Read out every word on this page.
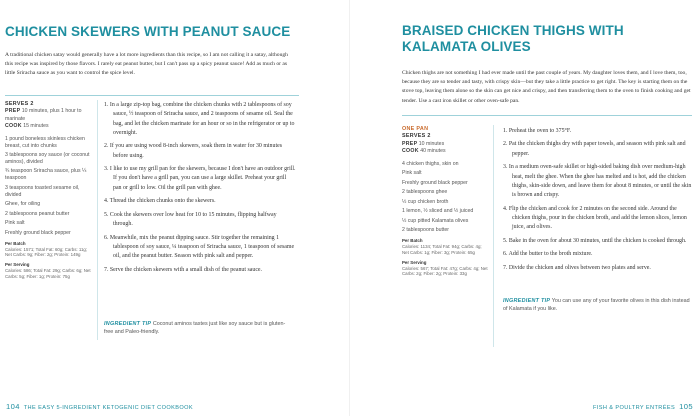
CHICKEN SKEWERS WITH PEANUT SAUCE

A traditional chicken satay would generally have a lot more ingredients than this recipe, so I am not calling it a satay, although this recipe was inspired by those flavors. I rarely eat peanut butter, but I can't pass up a spicy peanut sauce! Add as much or as little Sriracha sauce as you want to control the spice level.

SERVES 2
PREP 10 minutes, plus 1 hour to marinate
COOK 15 minutes
1 pound boneless skinless chicken breast, cut into chunks
3 tablespoons soy sauce (or coconut aminos), divided
¾ teaspoon Sriracha sauce, plus ¼ teaspoon
3 teaspoons toasted sesame oil, divided
Ghee, for oiling
2 tablespoons peanut butter
Pink salt
Freshly ground black pepper
Per Batch
Calories: 1571; Total Fat: 60g; Carbs: 11g; Net Carbs: 9g; Fiber: 2g; Protein: 149g
Per Serving
Calories: 586; Total Fat: 29g; Carbs: 6g; Net Carbs: 5g; Fiber: 1g; Protein: 75g

1. In a large zip-top bag, combine the chicken chunks with 2 tablespoons of soy sauce, ½ teaspoon of Sriracha sauce, and 2 teaspoons of sesame oil. Seal the bag, and let the chicken marinate for an hour or so in the refrigerator or up to overnight.

2. If you are using wood 8-inch skewers, soak them in water for 30 minutes before using.

3. I like to use my grill pan for the skewers, because I don't have an outdoor grill. If you don't have a grill pan, you can use a large skillet. Preheat your grill pan or grill to low. Oil the grill pan with ghee.

4. Thread the chicken chunks onto the skewers.

5. Cook the skewers over low heat for 10 to 15 minutes, flipping halfway through.

6. Meanwhile, mix the peanut dipping sauce. Stir together the remaining 1 tablespoon of soy sauce, ¼ teaspoon of Sriracha sauce, 1 teaspoon of sesame oil, and the peanut butter. Season with pink salt and pepper.

7. Serve the chicken skewers with a small dish of the peanut sauce.

INGREDIENT TIP Coconut aminos tastes just like soy sauce but is gluten-free and Paleo-friendly.
104 THE EASY 5-INGREDIENT KETOGENIC DIET COOKBOOK
BRAISED CHICKEN THIGHS WITH KALAMATA OLIVES

Chicken thighs are not something I had ever made until the past couple of years. My daughter loves them, and I love them, too, because they are so tender and tasty, with crispy skin—but they take a little practice to get right. The key is starting them on the stove top, leaving them alone so the skin can get nice and crispy, and then transferring them to the oven to finish cooking and get tender. Use a cast iron skillet or other oven-safe pan.

ONE PAN
SERVES 2
PREP 10 minutes
COOK 40 minutes
4 chicken thighs, skin on
Pink salt
Freshly ground black pepper
2 tablespoons ghee
½ cup chicken broth
1 lemon, ½ sliced and ½ juiced
½ cup pitted Kalamata olives
2 tablespoons butter
Per Batch
Calories: 1134; Total Fat: 94g; Carbs: 4g; Net Carbs: 1g; Fiber: 3g; Protein: 65g
Per Serving
Calories: 567; Total Fat: 47g; Carbs: 4g; Net Carbs: 2g; Fiber: 2g; Protein: 33g

1. Preheat the oven to 375°F.

2. Pat the chicken thighs dry with paper towels, and season with pink salt and pepper.

3. In a medium oven-safe skillet or high-sided baking dish over medium-high heat, melt the ghee. When the ghee has melted and is hot, add the chicken thighs, skin-side down, and leave them for about 8 minutes, or until the skin is brown and crispy.

4. Flip the chicken and cook for 2 minutes on the second side. Around the chicken thighs, pour in the chicken broth, and add the lemon slices, lemon juice, and olives.

5. Bake in the oven for about 30 minutes, until the chicken is cooked through.

6. Add the butter to the broth mixture.

7. Divide the chicken and olives between two plates and serve.

INGREDIENT TIP You can use any of your favorite olives in this dish instead of Kalamata if you like.
FISH & POULTRY ENTRÉES 105
